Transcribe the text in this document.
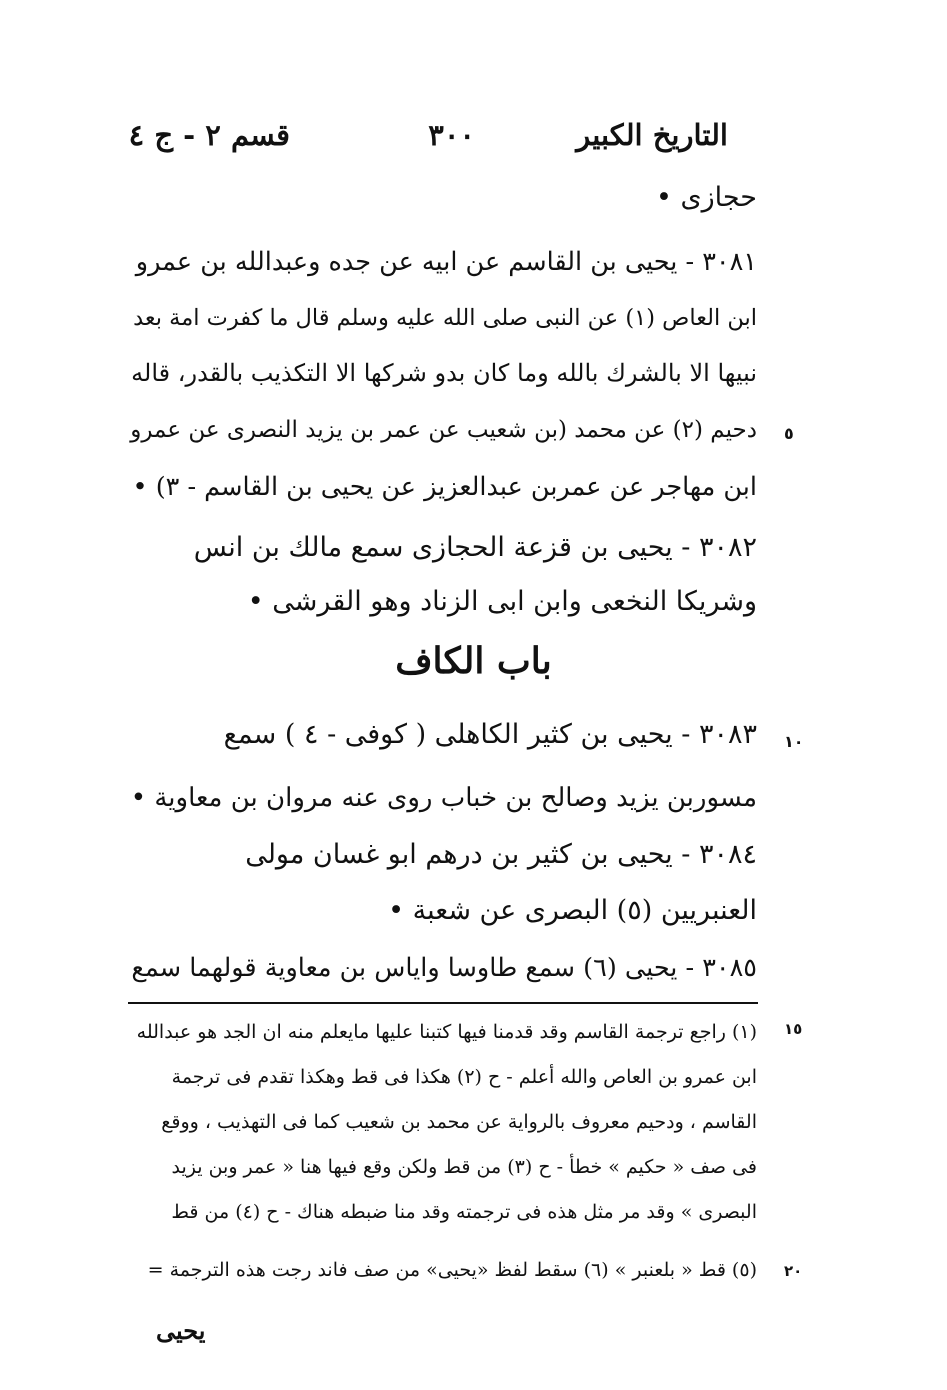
التاريخ الكبير
٣٠٠
قسم ٢ - ج ٤
حجازى •
٣٠٨١ - يحيى بن القاسم عن ابيه عن جده وعبدالله بن عمرو
ابن العاص (١) عن النبى صلى الله عليه وسلم قال ما كفرت امة بعد
نبيها الا بالشرك بالله وما كان بدو شركها الا التكذيب بالقدر، قاله
دحيم (٢) عن محمد (بن شعيب عن عمر بن يزيد النصرى عن عمرو ٥
ابن مهاجر عن عمربن عبدالعزيز عن يحيى بن القاسم - ٣) •
٣٠٨٢ - يحيى بن قزعة الحجازى سمع مالك بن انس
وشريكا النخعى وابن ابى الزناد وهو القرشى •
باب الكاف
٣٠٨٣ - يحيى بن كثير الكاهلى ( كوفى - ٤ ) سمع ١٠
مسوربن يزيد وصالح بن خباب روى عنه مروان بن معاوية •
٣٠٨٤ - يحيى بن كثير بن درهم ابو غسان مولى
العنبريين (٥) البصرى عن شعبة •
٣٠٨٥ - يحيى (٦) سمع طاوسا واياس بن معاوية قولهما سمع
١٥
(١) راجع ترجمة القاسم وقد قدمنا فيها كتبنا عليها مايعلم منه ان الجد هو عبدالله
ابن عمرو بن العاص والله أعلم - ح (٢) هكذا فى قط وهكذا تقدم فى ترجمة
القاسم ، ودحيم معروف بالرواية عن محمد بن شعيب كما فى التهذيب ، ووقع
فى صف « حكيم » خطأ - ح (٣) من قط ولكن وقع فيها هنا « عمر وبن يزيد
البصرى » وقد مر مثل هذه فى ترجمته وقد منا ضبطه هناك - ح (٤) من قط
(٥) قط « بلعنبر » (٦) سقط لفظ «يحيى» من صف فاند رجت هذه الترجمة = ٢٠
يحيى
